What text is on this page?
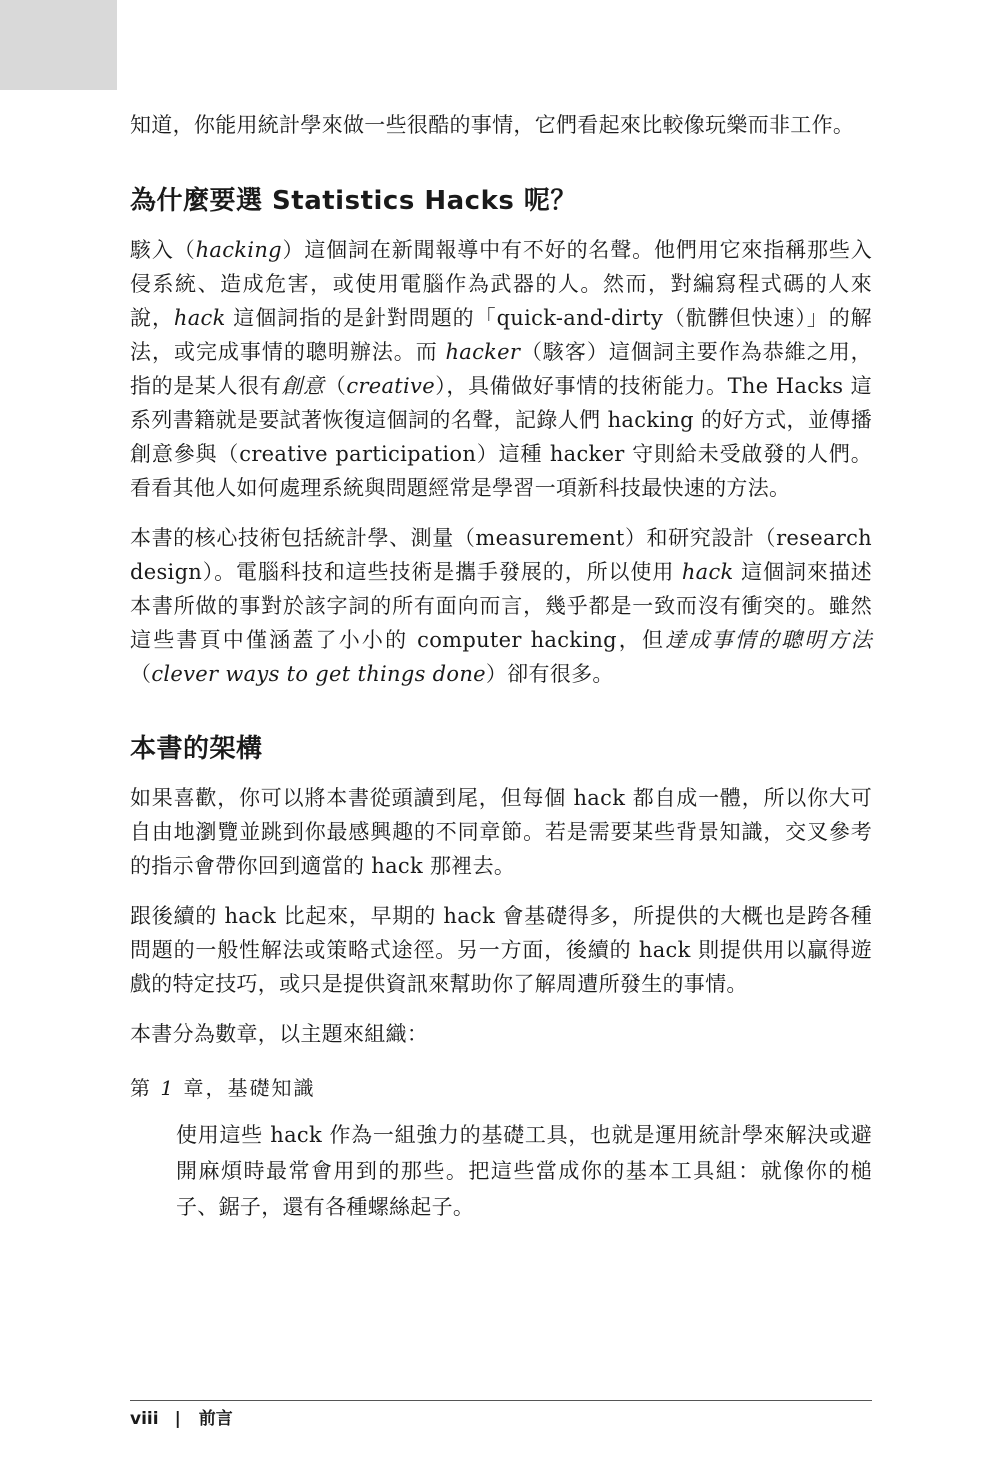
知道，你能用統計學來做一些很酷的事情，它們看起來比較像玩樂而非工作。

為什麼要選 Statistics Hacks 呢？

駭入（hacking）這個詞在新聞報導中有不好的名聲。他們用它來指稱那些入侵系統、造成危害，或使用電腦作為武器的人。然而，對編寫程式碼的人來說，hack 這個詞指的是針對問題的「quick-and-dirty（骯髒但快速）」的解法，或完成事情的聰明辦法。而 hacker（駭客）這個詞主要作為恭維之用，指的是某人很有創意（creative），具備做好事情的技術能力。The Hacks 這系列書籍就是要試著恢復這個詞的名聲，記錄人們 hacking 的好方式，並傳播創意參與（creative participation）這種 hacker 守則給未受啟發的人們。看看其他人如何處理系統與問題經常是學習一項新科技最快速的方法。

本書的核心技術包括統計學、測量（measurement）和研究設計（research design）。電腦科技和這些技術是攜手發展的，所以使用 hack 這個詞來描述本書所做的事對於該字詞的所有面向而言，幾乎都是一致而沒有衝突的。雖然這些書頁中僅涵蓋了小小的 computer hacking，但達成事情的聰明方法（clever ways to get things done）卻有很多。

本書的架構

如果喜歡，你可以將本書從頭讀到尾，但每個 hack 都自成一體，所以你大可自由地瀏覽並跳到你最感興趣的不同章節。若是需要某些背景知識，交叉參考的指示會帶你回到適當的 hack 那裡去。

跟後續的 hack 比起來，早期的 hack 會基礎得多，所提供的大概也是跨各種問題的一般性解法或策略式途徑。另一方面，後續的 hack 則提供用以贏得遊戲的特定技巧，或只是提供資訊來幫助你了解周遭所發生的事情。

本書分為數章，以主題來組織：

第 1 章，基礎知識

使用這些 hack 作為一組強力的基礎工具，也就是運用統計學來解決或避開麻煩時最常會用到的那些。把這些當成你的基本工具組：就像你的槌子、鋸子，還有各種螺絲起子。

viii | 前言
